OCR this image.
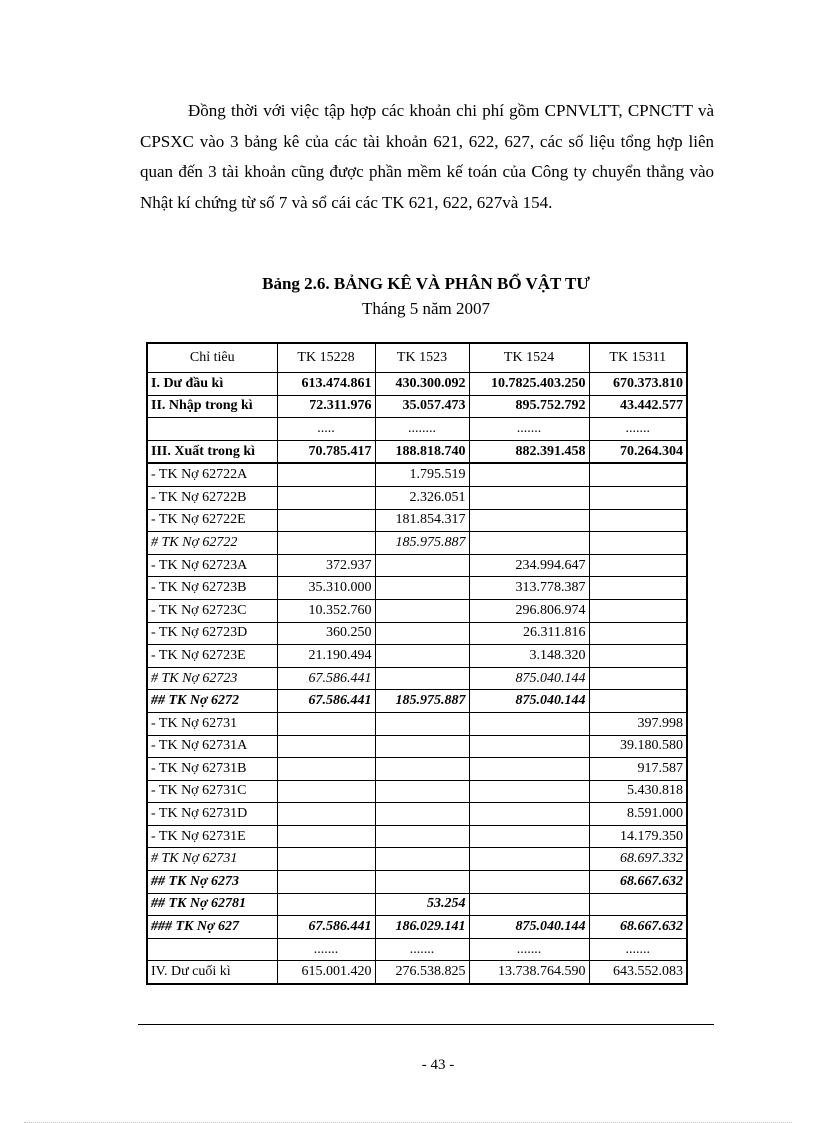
Đồng thời với việc tập hợp các khoản chi phí gồm CPNVLTT, CPNCTT và CPSXC vào 3 bảng kê của các tài khoản 621, 622, 627, các số liệu tổng hợp liên quan đến 3 tài khoản cũng được phần mềm kế toán của Công ty chuyển thẳng vào Nhật kí chứng từ số 7 và sổ cái các TK 621, 622, 627và 154.

Bảng 2.6. BẢNG KÊ VÀ PHÂN BỔ VẬT TƯ
Tháng 5 năm 2007
Chỉ tiêu	TK 15228	TK 1523	TK 1524	TK 15311
I. Dư đầu kì	613.474.861	430.300.092	10.7825.403.250	670.373.810
II. Nhập trong kì	72.311.976	35.057.473	895.752.792	43.442.577
	.....	........	.......	.......
III. Xuất trong kì	70.785.417	188.818.740	882.391.458	70.264.304
- TK Nợ 62722A		1.795.519		
- TK Nợ 62722B		2.326.051		
- TK Nợ 62722E		181.854.317		
# TK Nợ 62722		185.975.887		
- TK Nợ 62723A	372.937		234.994.647	
- TK Nợ 62723B	35.310.000		313.778.387	
- TK Nợ 62723C	10.352.760		296.806.974	
- TK Nợ 62723D	360.250		26.311.816	
- TK Nợ 62723E	21.190.494		3.148.320	
# TK Nợ 62723	67.586.441		875.040.144	
## TK Nợ 6272	67.586.441	185.975.887	875.040.144	
- TK Nợ 62731				397.998
- TK Nợ 62731A				39.180.580
- TK Nợ 62731B				917.587
- TK Nợ 62731C				5.430.818
- TK Nợ 62731D				8.591.000
- TK Nợ 62731E				14.179.350
# TK Nợ 62731				68.697.332
## TK Nợ 6273				68.667.632
## TK Nợ 62781		53.254		
### TK Nợ 627	67.586.441	186.029.141	875.040.144	68.667.632
	.......	.......	.......	.......
IV. Dư cuối kì	615.001.420	276.538.825	13.738.764.590	643.552.083
- 43 -
